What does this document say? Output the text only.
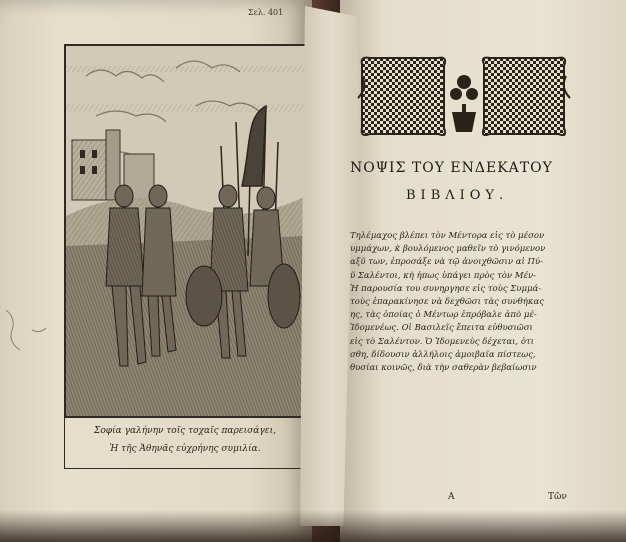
Σελ. 401
Σοφία γαλήνην τοῖς τοχαῖς παρεισάγει,
Ἡ τῆς Ἀθηνᾶς εὐχρήνης συμιλία.
ΝΟΨΙΣ ΤΟΥ ΕΝΔΕΚΑΤΟΥ
ΒΙΒΛΙΟΥ.
Τηλέμαχος βλέπει τὸν Μέντορα εἰς τὸ μέσον
υμμάχων, κ̀ βουλόμενος μαθεῖν τὸ γινόμενον
αξῦ των, ἐπροσάξε νὰ τῷ ἀνοιχθῶσιν αἱ Πύ-
ῦ Σαλέντοι, κὴ ἠπως ὑπάγει πρὸς τὸν Μέν-
Ἡ παρουσία του συνηργησε εἰς τοὺς Συμμά-
τοὺς ἐπαρακίνησε νὰ δεχθῶσι τὰς συνθήκας
ης, τὰς ὁποίας ὁ Μέντωρ ἐπρόβαλε ἀπὸ μέ-
Ἰδομενέως. Οἱ Βασιλεῖς ἔπειτα εὐθυσιῶσι
εἰς τὸ Σαλέντον. Ὁ Ἰδομενεὺς δέχεται, ὁτι
σθη, δίδουσιν ἀλλήλοις ἀμοιβαῖα πίστεως,
θυσίαι κοινῶς, διὰ τὴν σαθερὰν βεβαίωσιν
Α	Τῶν
